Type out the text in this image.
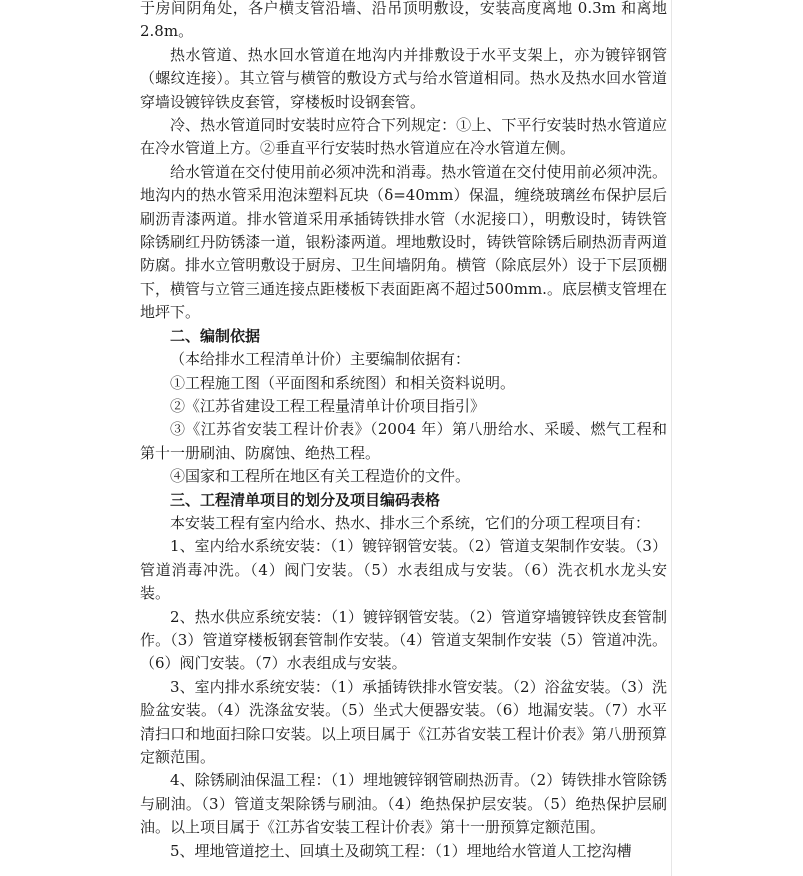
于房间阴角处，各户横支管沿墙、沿吊顶明敷设，安装高度离地 0.3m 和离地 2.8m。

热水管道、热水回水管道在地沟内并排敷设于水平支架上，亦为镀锌钢管（螺纹连接）。其立管与横管的敷设方式与给水管道相同。热水及热水回水管道穿墙设镀锌铁皮套管，穿楼板时设钢套管。

冷、热水管道同时安装时应符合下列规定：①上、下平行安装时热水管道应在冷水管道上方。②垂直平行安装时热水管道应在冷水管道左侧。

给水管道在交付使用前必须冲洗和消毒。热水管道在交付使用前必须冲洗。地沟内的热水管采用泡沫塑料瓦块（δ=40mm）保温，缠绕玻璃丝布保护层后刷沥青漆两道。排水管道采用承插铸铁排水管（水泥接口），明敷设时，铸铁管除锈刷红丹防锈漆一道，银粉漆两道。埋地敷设时，铸铁管除锈后刷热沥青两道防腐。排水立管明敷设于厨房、卫生间墙阴角。横管（除底层外）设于下层顶棚下，横管与立管三通连接点距楼板下表面距离不超过500mm.。底层横支管埋在地坪下。

二、编制依据

（本给排水工程清单计价）主要编制依据有：

①工程施工图（平面图和系统图）和相关资料说明。

②《江苏省建设工程工程量清单计价项目指引》

③《江苏省安装工程计价表》（2004 年）第八册给水、采暖、燃气工程和第十一册刷油、防腐蚀、绝热工程。

④国家和工程所在地区有关工程造价的文件。

三、工程清单项目的划分及项目编码表格

本安装工程有室内给水、热水、排水三个系统，它们的分项工程项目有：

1、室内给水系统安装：（1）镀锌钢管安装。（2）管道支架制作安装。（3）管道消毒冲洗。（4）阀门安装。（5）水表组成与安装。（6）洗衣机水龙头安装。

2、热水供应系统安装：（1）镀锌钢管安装。（2）管道穿墙镀锌铁皮套管制作。（3）管道穿楼板钢套管制作安装。（4）管道支架制作安装（5）管道冲洗。（6）阀门安装。（7）水表组成与安装。

3、室内排水系统安装：（1）承插铸铁排水管安装。（2）浴盆安装。（3）洗脸盆安装。（4）洗涤盆安装。（5）坐式大便器安装。（6）地漏安装。（7）水平清扫口和地面扫除口安装。以上项目属于《江苏省安装工程计价表》第八册预算定额范围。

4、除锈刷油保温工程：（1）埋地镀锌钢管刷热沥青。（2）铸铁排水管除锈与刷油。（3）管道支架除锈与刷油。（4）绝热保护层安装。（5）绝热保护层刷油。以上项目属于《江苏省安装工程计价表》第十一册预算定额范围。

5、埋地管道挖土、回填土及砌筑工程：（1）埋地给水管道人工挖沟槽
